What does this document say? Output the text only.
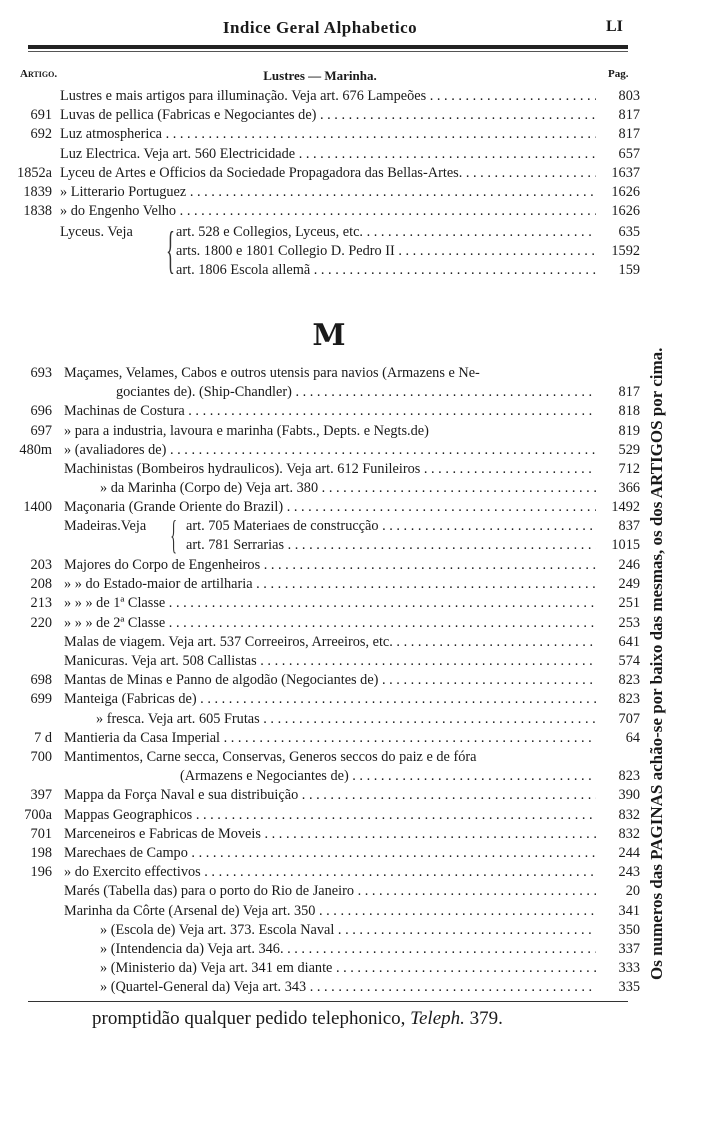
Indice Geral Alphabetico	LI
Artigo.	Lustres — Marinha.	Pag.
Lustres e mais artigos para illuminação. Veja art. 676 Lampeões . . .	803
691 Luvas de pellica (Fabricas e Negociantes de) . . .	817
692 Luz atmospherica . . .	817
Luz Electrica. Veja art. 560 Electricidade . . .	657
1852a Lyceu de Artes e Officios da Sociedade Propagadora das Bellas-Artes. . . .	1637
1839 » Litterario Portuguez . . .	1626
1838 » do Engenho Velho . . .	1626
Lyceus. Veja { art. 528 e Collegios, Lyceus, etc. . . .	635
arts. 1800 e 1801 Collegio D. Pedro II . . .	1592
art. 1806 Escola allemã . . .	159
M
693 Maçames, Velames, Cabos e outros utensis para navios (Armazens e Ne-
gociantes de). (Ship-Chandler) . . .	817
696 Machinas de Costura . . .	818
697 » para a industria, lavoura e marinha (Fabts., Depts. e Negts.de)	819
480m » (avaliadores de) . . .	529
Machinistas (Bombeiros hydraulicos). Veja art. 612 Funileiros . . .	712
» da Marinha (Corpo de) Veja art. 380 . . .	366
1400 Maçonaria (Grande Oriente do Brazil) . . .	1492
Madeiras.Veja { art. 705 Materiaes de construcção . . .	837
art. 781 Serrarias . . .	1015
203 Majores do Corpo de Engenheiros . . .	246
208 » » do Estado-maior de artilharia . . .	249
213 » » » de 1ª Classe . . .	251
220 » » » de 2ª Classe . . .	253
Malas de viagem. Veja art. 537 Correeiros, Arreeiros, etc. . . .	641
Manicuras. Veja art. 508 Callistas . . .	574
698 Mantas de Minas e Panno de algodão (Negociantes de) . . .	823
699 Manteiga (Fabricas de) . . .	823
» fresca. Veja art. 605 Frutas . . .	707
7 d Mantieria da Casa Imperial . . .	64
700 Mantimentos, Carne secca, Conservas, Generos seccos do paiz e de fóra
(Armazens e Negociantes de) . . .	823
397 Mappa da Força Naval e sua distribuição . . .	390
700a Mappas Geographicos . . .	832
701 Marceneiros e Fabricas de Moveis . . .	832
198 Marechaes de Campo . . .	244
196 » do Exercito effectivos . . .	243
Marés (Tabella das) para o porto do Rio de Janeiro . . .	20
Marinha da Côrte (Arsenal de) Veja art. 350 . . .	341
» (Escola de) Veja art. 373. Escola Naval . . .	350
» (Intendencia da) Veja art. 346. . . .	337
» (Ministerio da) Veja art. 341 em diante . . .	333
» (Quartel-General da) Veja art. 343 . . .	335
Os numeros das PAGINAS achão-se por baixo das mesmas, os dos ARTIGOS por cima.
promptidão qualquer pedido telephonico, Teleph. 379.
